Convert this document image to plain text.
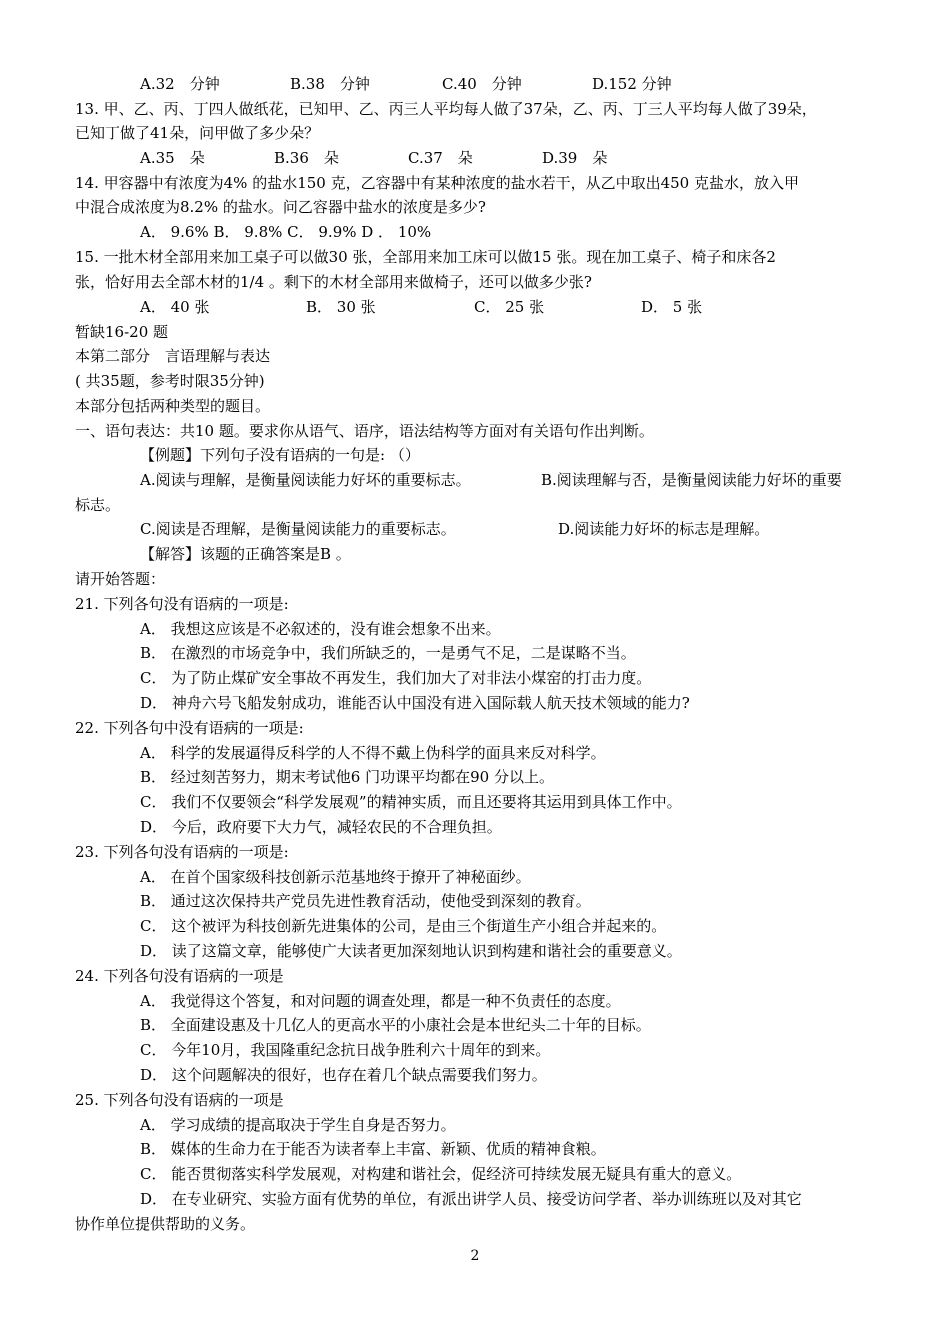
A.32　分钟	B.38　分钟	C.40　分钟	D.152 分钟
13. 甲、乙、丙、丁四人做纸花，已知甲、乙、丙三人平均每人做了37朵，乙、丙、丁三人平均每人做了39朵，
已知丁做了41朵，问甲做了多少朵？
A.35　朵	B.36　朵	C.37　朵	D.39　朵
14. 甲容器中有浓度为4% 的盐水150 克，乙容器中有某种浓度的盐水若干，从乙中取出450 克盐水，放入甲
中混合成浓度为8.2% 的盐水。问乙容器中盐水的浓度是多少?
A． 9.6% B． 9.8% C． 9.9% D ． 10%
15. 一批木材全部用来加工桌子可以做30 张，全部用来加工床可以做15 张。现在加工桌子、椅子和床各2
张，恰好用去全部木材的1/4 。剩下的木材全部用来做椅子，还可以做多少张?
A． 40 张	B． 30 张	C． 25 张	D． 5 张
暂缺16-20 题
本第二部分　言语理解与表达
( 共35题，参考时限35分钟)
本部分包括两种类型的题目。
一、语句表达：共10 题。要求你从语气、语序，语法结构等方面对有关语句作出判断。
【例题】下列句子没有语病的一句是: （）
A.阅读与理解，是衡量阅读能力好坏的重要标志。	B.阅读理解与否，是衡量阅读能力好坏的重要
标志。
C.阅读是否理解，是衡量阅读能力的重要标志。	D.阅读能力好坏的标志是理解。
【解答】该题的正确答案是B 。
请开始答题：
21. 下列各句没有语病的一项是:
A． 我想这应该是不必叙述的，没有谁会想象不出来。
B． 在激烈的市场竞争中，我们所缺乏的，一是勇气不足，二是谋略不当。
C． 为了防止煤矿安全事故不再发生，我们加大了对非法小煤窑的打击力度。
D． 神舟六号飞船发射成功，谁能否认中国没有进入国际载人航天技术领域的能力?
22. 下列各句中没有语病的一项是:
A． 科学的发展逼得反科学的人不得不戴上伪科学的面具来反对科学。
B． 经过刻苦努力，期末考试他6 门功课平均都在90 分以上。
C． 我们不仅要领会“科学发展观”的精神实质，而且还要将其运用到具体工作中。
D． 今后，政府要下大力气，减轻农民的不合理负担。
23. 下列各句没有语病的一项是:
A． 在首个国家级科技创新示范基地终于撩开了神秘面纱。
B． 通过这次保持共产党员先进性教育活动，使他受到深刻的教育。
C． 这个被评为科技创新先进集体的公司，是由三个街道生产小组合并起来的。
D． 读了这篇文章，能够使广大读者更加深刻地认识到构建和谐社会的重要意义。
24. 下列各句没有语病的一项是
A． 我觉得这个答复，和对问题的调查处理，都是一种不负责任的态度。
B． 全面建设惠及十几亿人的更高水平的小康社会是本世纪头二十年的目标。
C． 今年10月，我国隆重纪念抗日战争胜利六十周年的到来。
D． 这个问题解决的很好，也存在着几个缺点需要我们努力。
25. 下列各句没有语病的一项是
A． 学习成绩的提高取决于学生自身是否努力。
B． 媒体的生命力在于能否为读者奉上丰富、新颖、优质的精神食粮。
C． 能否贯彻落实科学发展观，对构建和谐社会，促经济可持续发展无疑具有重大的意义。
D． 在专业研究、实验方面有优势的单位，有派出讲学人员、接受访问学者、举办训练班以及对其它
协作单位提供帮助的义务。
2
